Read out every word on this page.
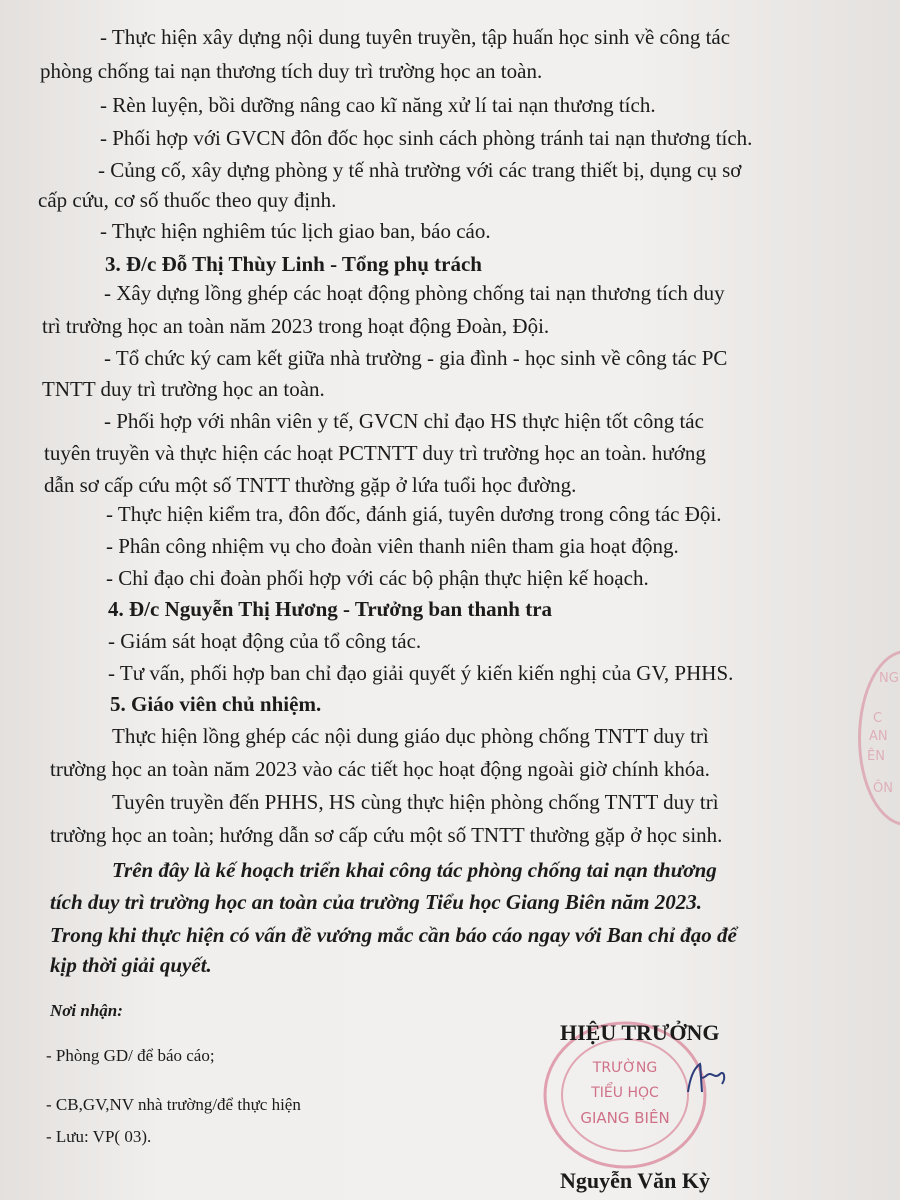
- Thực hiện xây dựng nội dung tuyên truyền, tập huấn học sinh về công tác
phòng chống tai nạn thương tích duy trì trường học an toàn.
- Rèn luyện, bồi dưỡng nâng cao kĩ năng xử lí tai nạn thương tích.
- Phối hợp với GVCN đôn đốc học sinh cách phòng tránh tai nạn thương tích.
- Củng cố, xây dựng phòng y tế nhà trường với các trang thiết bị, dụng cụ sơ
cấp cứu, cơ số thuốc theo quy định.
- Thực hiện nghiêm túc lịch giao ban, báo cáo.
3. Đ/c Đỗ Thị Thùy Linh - Tổng phụ trách
- Xây dựng lồng ghép các hoạt động phòng chống tai nạn thương tích duy
trì trường học an toàn năm 2023 trong hoạt động Đoàn, Đội.
- Tổ chức ký cam kết giữa nhà trường - gia đình - học sinh về công tác PC
TNTT duy trì trường học an toàn.
- Phối hợp với nhân viên y tế, GVCN chỉ đạo HS thực hiện tốt công tác
tuyên truyền và thực hiện các hoạt PCTNTT duy trì trường học an toàn. hướng
dẫn sơ cấp cứu một số TNTT thường gặp ở lứa tuổi học đường.
- Thực hiện kiểm tra, đôn đốc, đánh giá, tuyên dương trong công tác Đội.
- Phân công nhiệm vụ cho đoàn viên thanh niên tham gia hoạt động.
- Chỉ đạo chi đoàn phối hợp với các bộ phận thực hiện kế hoạch.
4. Đ/c Nguyễn Thị Hương - Trưởng ban thanh tra
- Giám sát hoạt động của tổ công tác.
- Tư vấn, phối hợp ban chỉ đạo giải quyết ý kiến kiến nghị của GV, PHHS.
5. Giáo viên chủ nhiệm.
Thực hiện lồng ghép các nội dung giáo dục phòng chống TNTT duy trì
trường học an toàn năm 2023 vào các tiết học hoạt động ngoài giờ chính khóa.
Tuyên truyền đến PHHS, HS cùng thực hiện phòng chống TNTT duy trì
trường học an toàn; hướng dẫn sơ cấp cứu một số TNTT thường gặp ở học sinh.
Trên đây là kế hoạch triển khai công tác phòng chống tai nạn thương
tích duy trì trường học an toàn của trường Tiểu học Giang Biên năm 2023.
Trong khi thực hiện có vấn đề vướng mắc cần báo cáo ngay với Ban chỉ đạo để
kịp thời giải quyết.
Nơi nhận:
- Phòng GD/ để báo cáo;
- CB,GV,NV nhà trường/để thực hiện
- Lưu: VP( 03).
TRƯỜNG
TIỂU HỌC
GIANG BIÊN
HIỆU TRƯỞNG
Nguyễn Văn Kỳ
NG
C
ÊN
AN
ÔN
